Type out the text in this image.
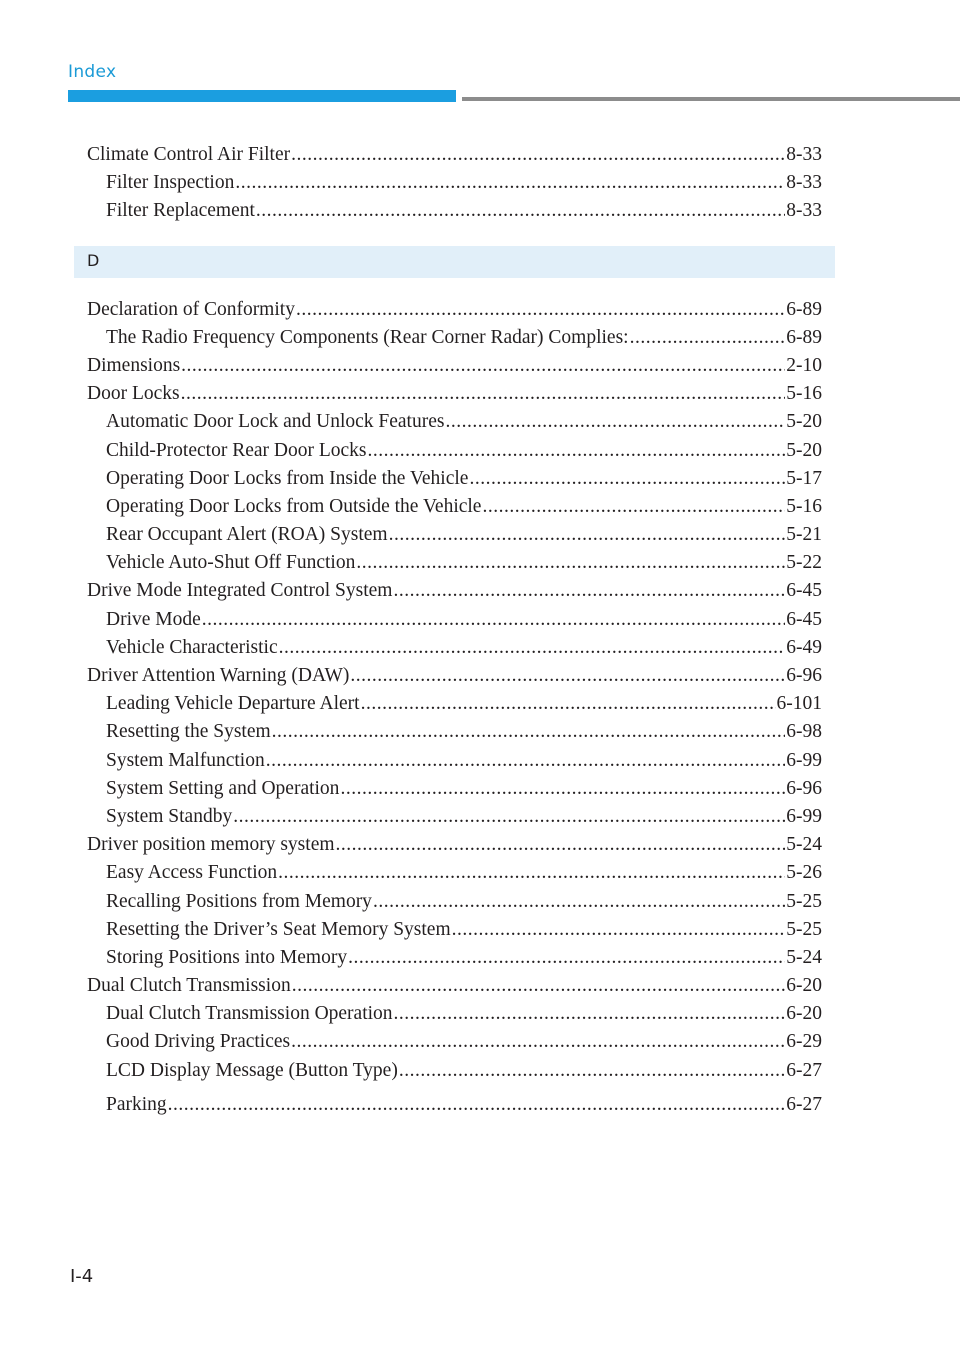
Index
Climate Control Air Filter .....	8-33
Filter Inspection .....	8-33
Filter Replacement .....	8-33
D
Declaration of Conformity .....	6-89
The Radio Frequency Components (Rear Corner Radar) Complies: .....	6-89
Dimensions .....	2-10
Door Locks .....	5-16
Automatic Door Lock and Unlock Features .....	5-20
Child-Protector Rear Door Locks .....	5-20
Operating Door Locks from Inside the Vehicle .....	5-17
Operating Door Locks from Outside the Vehicle .....	5-16
Rear Occupant Alert (ROA) System .....	5-21
Vehicle Auto-Shut Off Function .....	5-22
Drive Mode Integrated Control System .....	6-45
Drive Mode .....	6-45
Vehicle Characteristic .....	6-49
Driver Attention Warning (DAW) .....	6-96
Leading Vehicle Departure Alert .....	6-101
Resetting the System .....	6-98
System Malfunction .....	6-99
System Setting and Operation .....	6-96
System Standby .....	6-99
Driver position memory system .....	5-24
Easy Access Function .....	5-26
Recalling Positions from Memory .....	5-25
Resetting the Driver’s Seat Memory System .....	5-25
Storing Positions into Memory .....	5-24
Dual Clutch Transmission .....	6-20
Dual Clutch Transmission Operation .....	6-20
Good Driving Practices .....	6-29
LCD Display Message (Button Type) .....	6-27
Parking .....	6-27
I-4
